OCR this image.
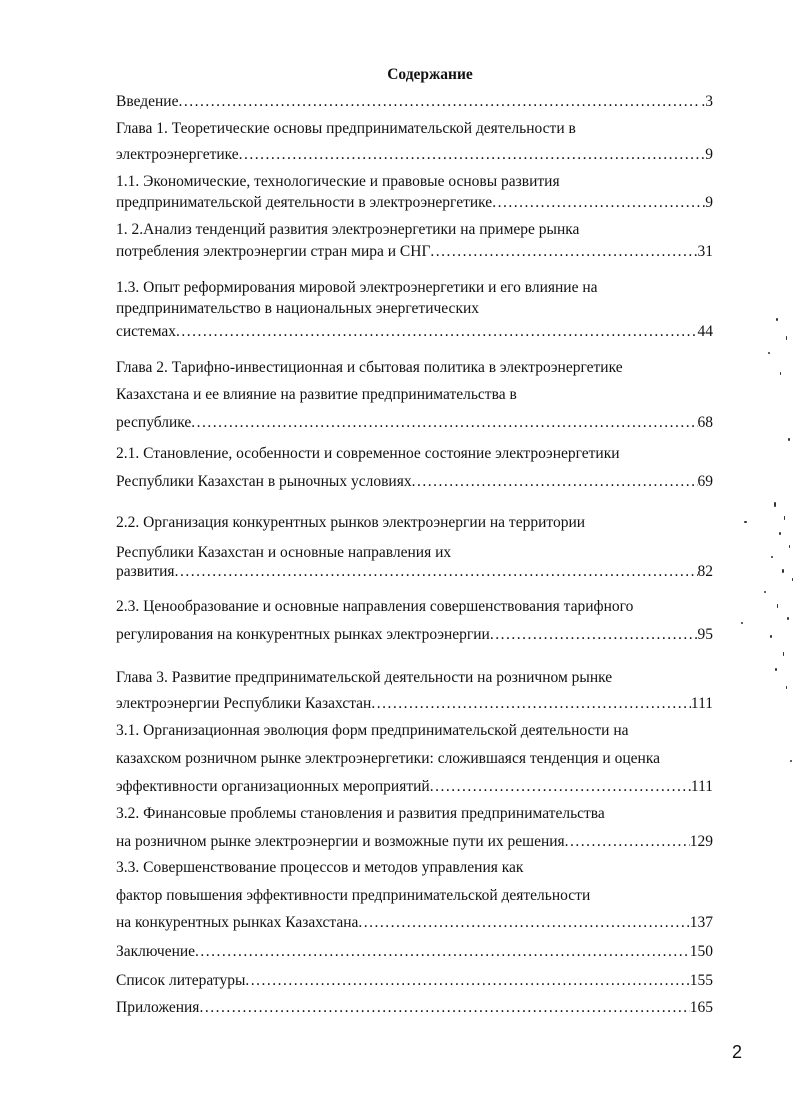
Содержание
Введение .....	.3
Глава 1. Теоретические основы предпринимательской деятельности в
электроэнергетике .....	9
1.1. Экономические, технологические и правовые основы развития
предпринимательской деятельности в электроэнергетике .....	9
1. 2.Анализ тенденций развития электроэнергетики на примере рынка
потребления электроэнергии стран мира и СНГ .....	31
1.3. Опыт реформирования мировой электроэнергетики и его влияние на
предпринимательство в национальных энергетических
системах .....	44
Глава 2. Тарифно-инвестиционная и сбытовая политика в электроэнергетике
Казахстана и ее влияние на развитие предпринимательства в
республике .....	68
2.1. Становление, особенности и современное состояние электроэнергетики
Республики Казахстан в рыночных условиях .....	69
2.2. Организация конкурентных рынков электроэнергии на территории
Республики Казахстан и основные направления их
развития .....	82
2.3. Ценообразование и основные направления совершенствования тарифного
регулирования на конкурентных рынках электроэнергии .....	95
Глава 3. Развитие предпринимательской деятельности на розничном рынке
электроэнергии Республики Казахстан .....	111
3.1. Организационная эволюция форм предпринимательской деятельности на
казахском розничном рынке электроэнергетики: сложившаяся тенденция и оценка
эффективности организационных мероприятий .....	111
3.2. Финансовые проблемы становления и развития предпринимательства
на розничном рынке электроэнергии и возможные пути их решения .....	129
3.3. Совершенствование процессов и методов управления как
фактор повышения эффективности предпринимательской деятельности
на конкурентных рынках Казахстана .....	137
Заключение .....	150
Список литературы .....	155
Приложения .....	165
2
